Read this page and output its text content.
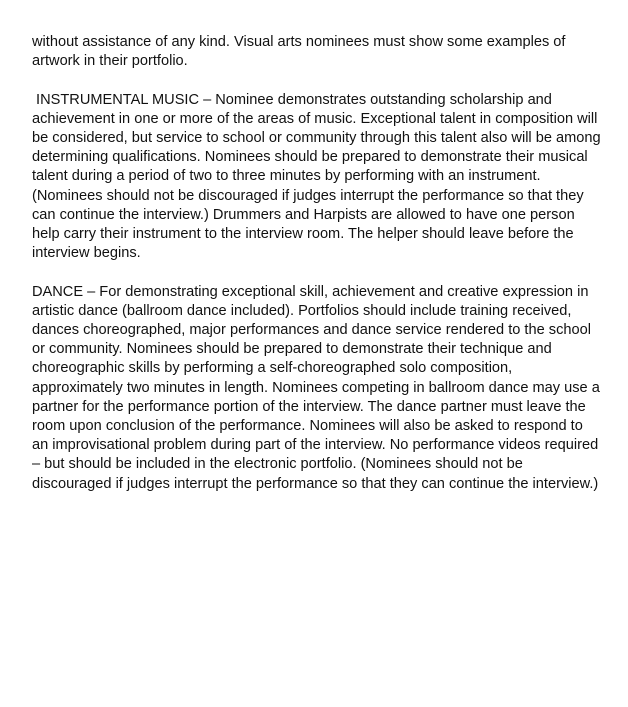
without assistance of any kind. Visual arts nominees must show some examples of
artwork in their portfolio.

INSTRUMENTAL MUSIC – Nominee demonstrates outstanding scholarship and
achievement in one or more of the areas of music. Exceptional talent in composition will
be considered, but service to school or community through this talent also will be among
determining qualifications. Nominees should be prepared to demonstrate their musical
talent during a period of two to three minutes by performing with an instrument.
(Nominees should not be discouraged if judges interrupt the performance so that they
can continue the interview.) Drummers and Harpists are allowed to have one person
help carry their instrument to the interview room. The helper should leave before the
interview begins.

DANCE – For demonstrating exceptional skill, achievement and creative expression in
artistic dance (ballroom dance included). Portfolios should include training received,
dances choreographed, major performances and dance service rendered to the school
or community. Nominees should be prepared to demonstrate their technique and
choreographic skills by performing a self-choreographed solo composition,
approximately two minutes in length. Nominees competing in ballroom dance may use a
partner for the performance portion of the interview. The dance partner must leave the
room upon conclusion of the performance. Nominees will also be asked to respond to
an improvisational problem during part of the interview. No performance videos required
– but should be included in the electronic portfolio. (Nominees should not be
discouraged if judges interrupt the performance so that they can continue the interview.)
